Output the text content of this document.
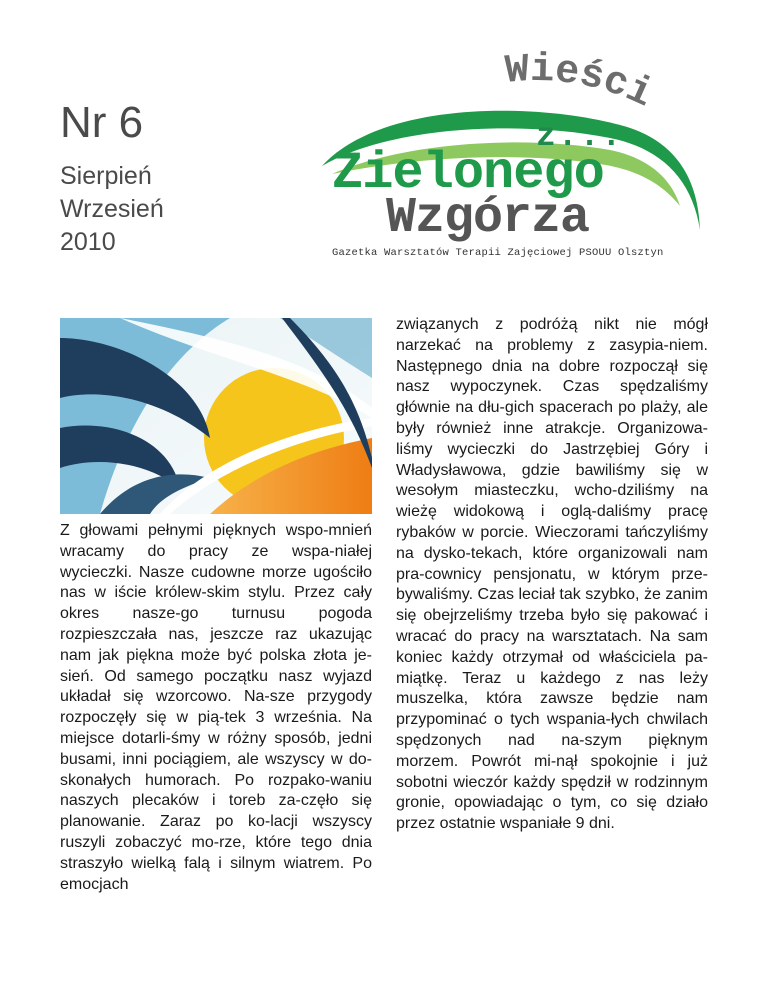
Nr 6
Sierpień
Wrzesień
2010
Wieści
z...
Zielonego
Wzgórza
Gazetka Warsztatów Terapii Zajęciowej PSOUU Olsztyn
Z głowami pełnymi pięknych wspo-mnień wracamy do pracy ze wspa-niałej wycieczki. Nasze cudowne morze ugościło nas w iście królew-skim stylu. Przez cały okres nasze-go turnusu pogoda rozpieszczała nas, jeszcze raz ukazując nam jak piękna może być polska złota je-sień. Od samego początku nasz wyjazd układał się wzorcowo. Na-sze przygody rozpoczęły się w pią-tek 3 września. Na miejsce dotarli-śmy w różny sposób, jedni busami, inni pociągiem, ale wszyscy w do-skonałych humorach. Po rozpako-waniu naszych plecaków i toreb za-częło się planowanie. Zaraz po ko-lacji wszyscy ruszyli zobaczyć mo-rze, które tego dnia straszyło wielką falą i silnym wiatrem. Po emocjach
związanych z podróżą nikt nie mógł narzekać na problemy z zasypia-niem. Następnego dnia na dobre rozpoczął się nasz wypoczynek. Czas spędzaliśmy głównie na dłu-gich spacerach po plaży, ale były również inne atrakcje. Organizowa-liśmy wycieczki do Jastrzębiej Góry i Władysławowa, gdzie bawiliśmy się w wesołym miasteczku, wcho-dziliśmy na wieżę widokową i oglą-daliśmy pracę rybaków w porcie. Wieczorami tańczyliśmy na dysko-tekach, które organizowali nam pra-cownicy pensjonatu, w którym prze-bywaliśmy. Czas leciał tak szybko, że zanim się obejrzeliśmy trzeba było się pakować i wracać do pracy na warsztatach. Na sam koniec każdy otrzymał od właściciela pa-miątkę. Teraz u każdego z nas leży muszelka, która zawsze będzie nam przypominać o tych wspania-łych chwilach spędzonych nad na-szym pięknym morzem. Powrót mi-nął spokojnie i już sobotni wieczór każdy spędził w rodzinnym gronie, opowiadając o tym, co się działo przez ostatnie wspaniałe 9 dni.
